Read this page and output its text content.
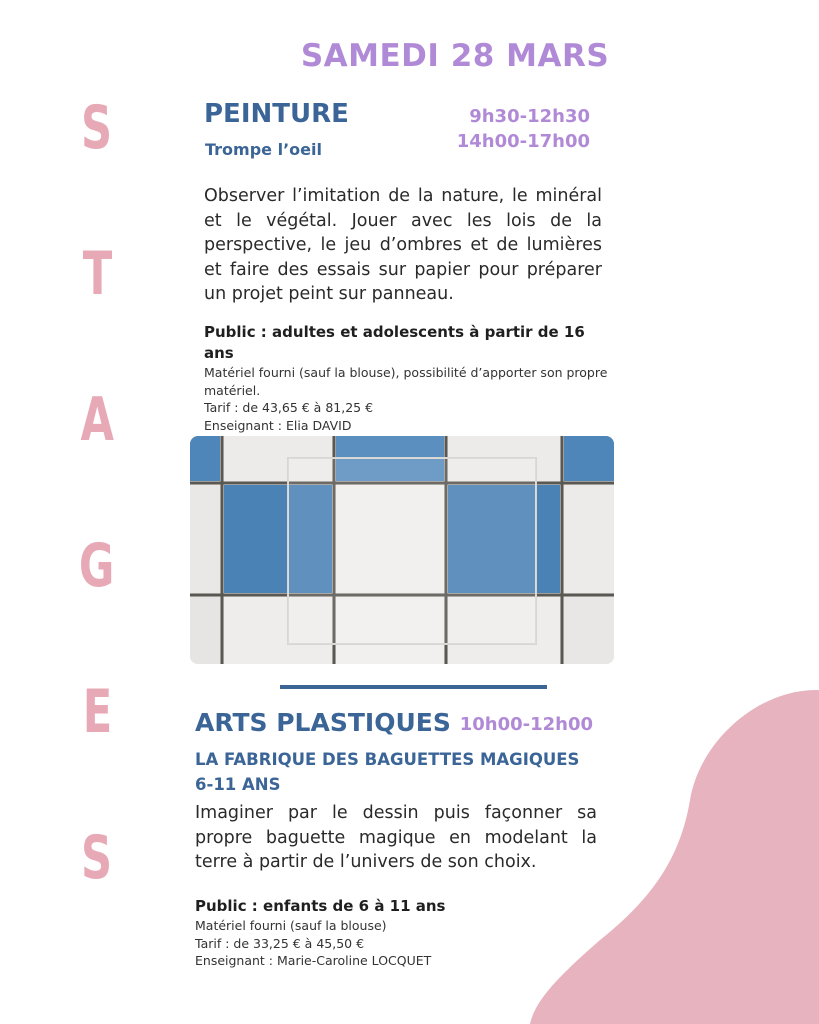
S
T
A
G
E
S
SAMEDI 28 MARS
PEINTURE
Trompe l’oeil
9h30-12h30
14h00-17h00
Observer l’imitation de la nature, le minéral et le végétal. Jouer avec les lois de la perspective, le jeu d’ombres et de lumières et faire des essais sur papier pour préparer un projet peint sur panneau.
Public : adultes et adolescents à partir de 16 ans
Matériel fourni (sauf la blouse), possibilité d’apporter son propre matériel.
Tarif : de 43,65 € à 81,25 €
Enseignant : Elia DAVID
ARTS PLASTIQUES 10h00-12h00
LA FABRIQUE DES BAGUETTES MAGIQUES
6-11 ANS
Imaginer par le dessin puis façonner sa propre baguette magique en modelant la terre à partir de l’univers de son choix.
Public : enfants de 6 à 11 ans
Matériel fourni (sauf la blouse)
Tarif : de 33,25 € à 45,50 €
Enseignant : Marie-Caroline LOCQUET
